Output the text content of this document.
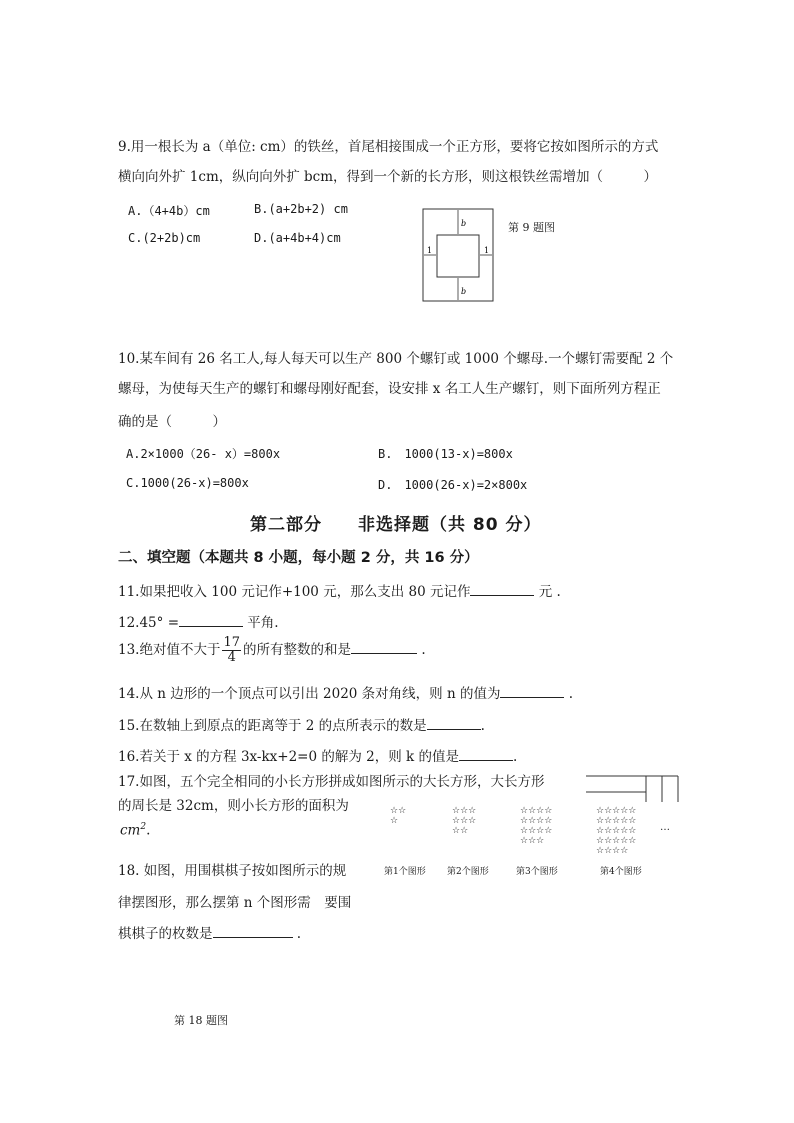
9.用一根长为 a（单位: cm）的铁丝，首尾相接围成一个正方形，要将它按如图所示的方式
横向向外扩 1cm，纵向向外扩 bcm，得到一个新的长方形，则这根铁丝需增加（　　　）
A.（4+4b）cm	B.(a+2b+2) cm
C.(2+2b)cm	D.(a+4b+4)cm
b
b
1	1
第 9 题图
10.某车间有 26 名工人,每人每天可以生产 800 个螺钉或 1000 个螺母.一个螺钉需要配 2 个
螺母，为使每天生产的螺钉和螺母刚好配套，设安排 x 名工人生产螺钉，则下面所列方程正
确的是（　　　）
A.2×1000（26- x）=800x	B.　1000(13-x)=800x
C.1000(26-x)=800x	D.　1000(26-x)=2×800x
第二部分　　非选择题（共 80 分）
二、填空题（本题共 8 小题，每小题 2 分，共 16 分）
11.如果把收入 100 元记作+100 元，那么支出 80 元记作	元 .
12.45° =	平角.
13.绝对值不大于 $\frac{17}{4}$ 的所有整数的和是	.
14.从 n 边形的一个顶点可以引出 2020 条对角线，则 n 的值为	.
15.在数轴上到原点的距离等于 2 的点所表示的数是	.
16.若关于 x 的方程 3x-kx+2=0 的解为 2，则 k 的值是	.
17.如图，五个完全相同的小长方形拼成如图所示的大长方形，大长方形
的周长是 32cm，则小长方形的面积为
$cm^2$.
☆☆
☆
☆☆☆
☆☆☆
☆☆
☆☆☆☆
☆☆☆☆
☆☆☆☆
☆☆☆
☆☆☆☆☆
☆☆☆☆☆
☆☆☆☆☆
☆☆☆☆☆
☆☆☆☆
…
第1个图形 第2个图形	第3个图形	第4个图形
18. 如图，用围棋棋子按如图所示的规
律摆图形，那么摆第 n 个图形需　要围
棋棋子的枚数是	.
第 18 题图
